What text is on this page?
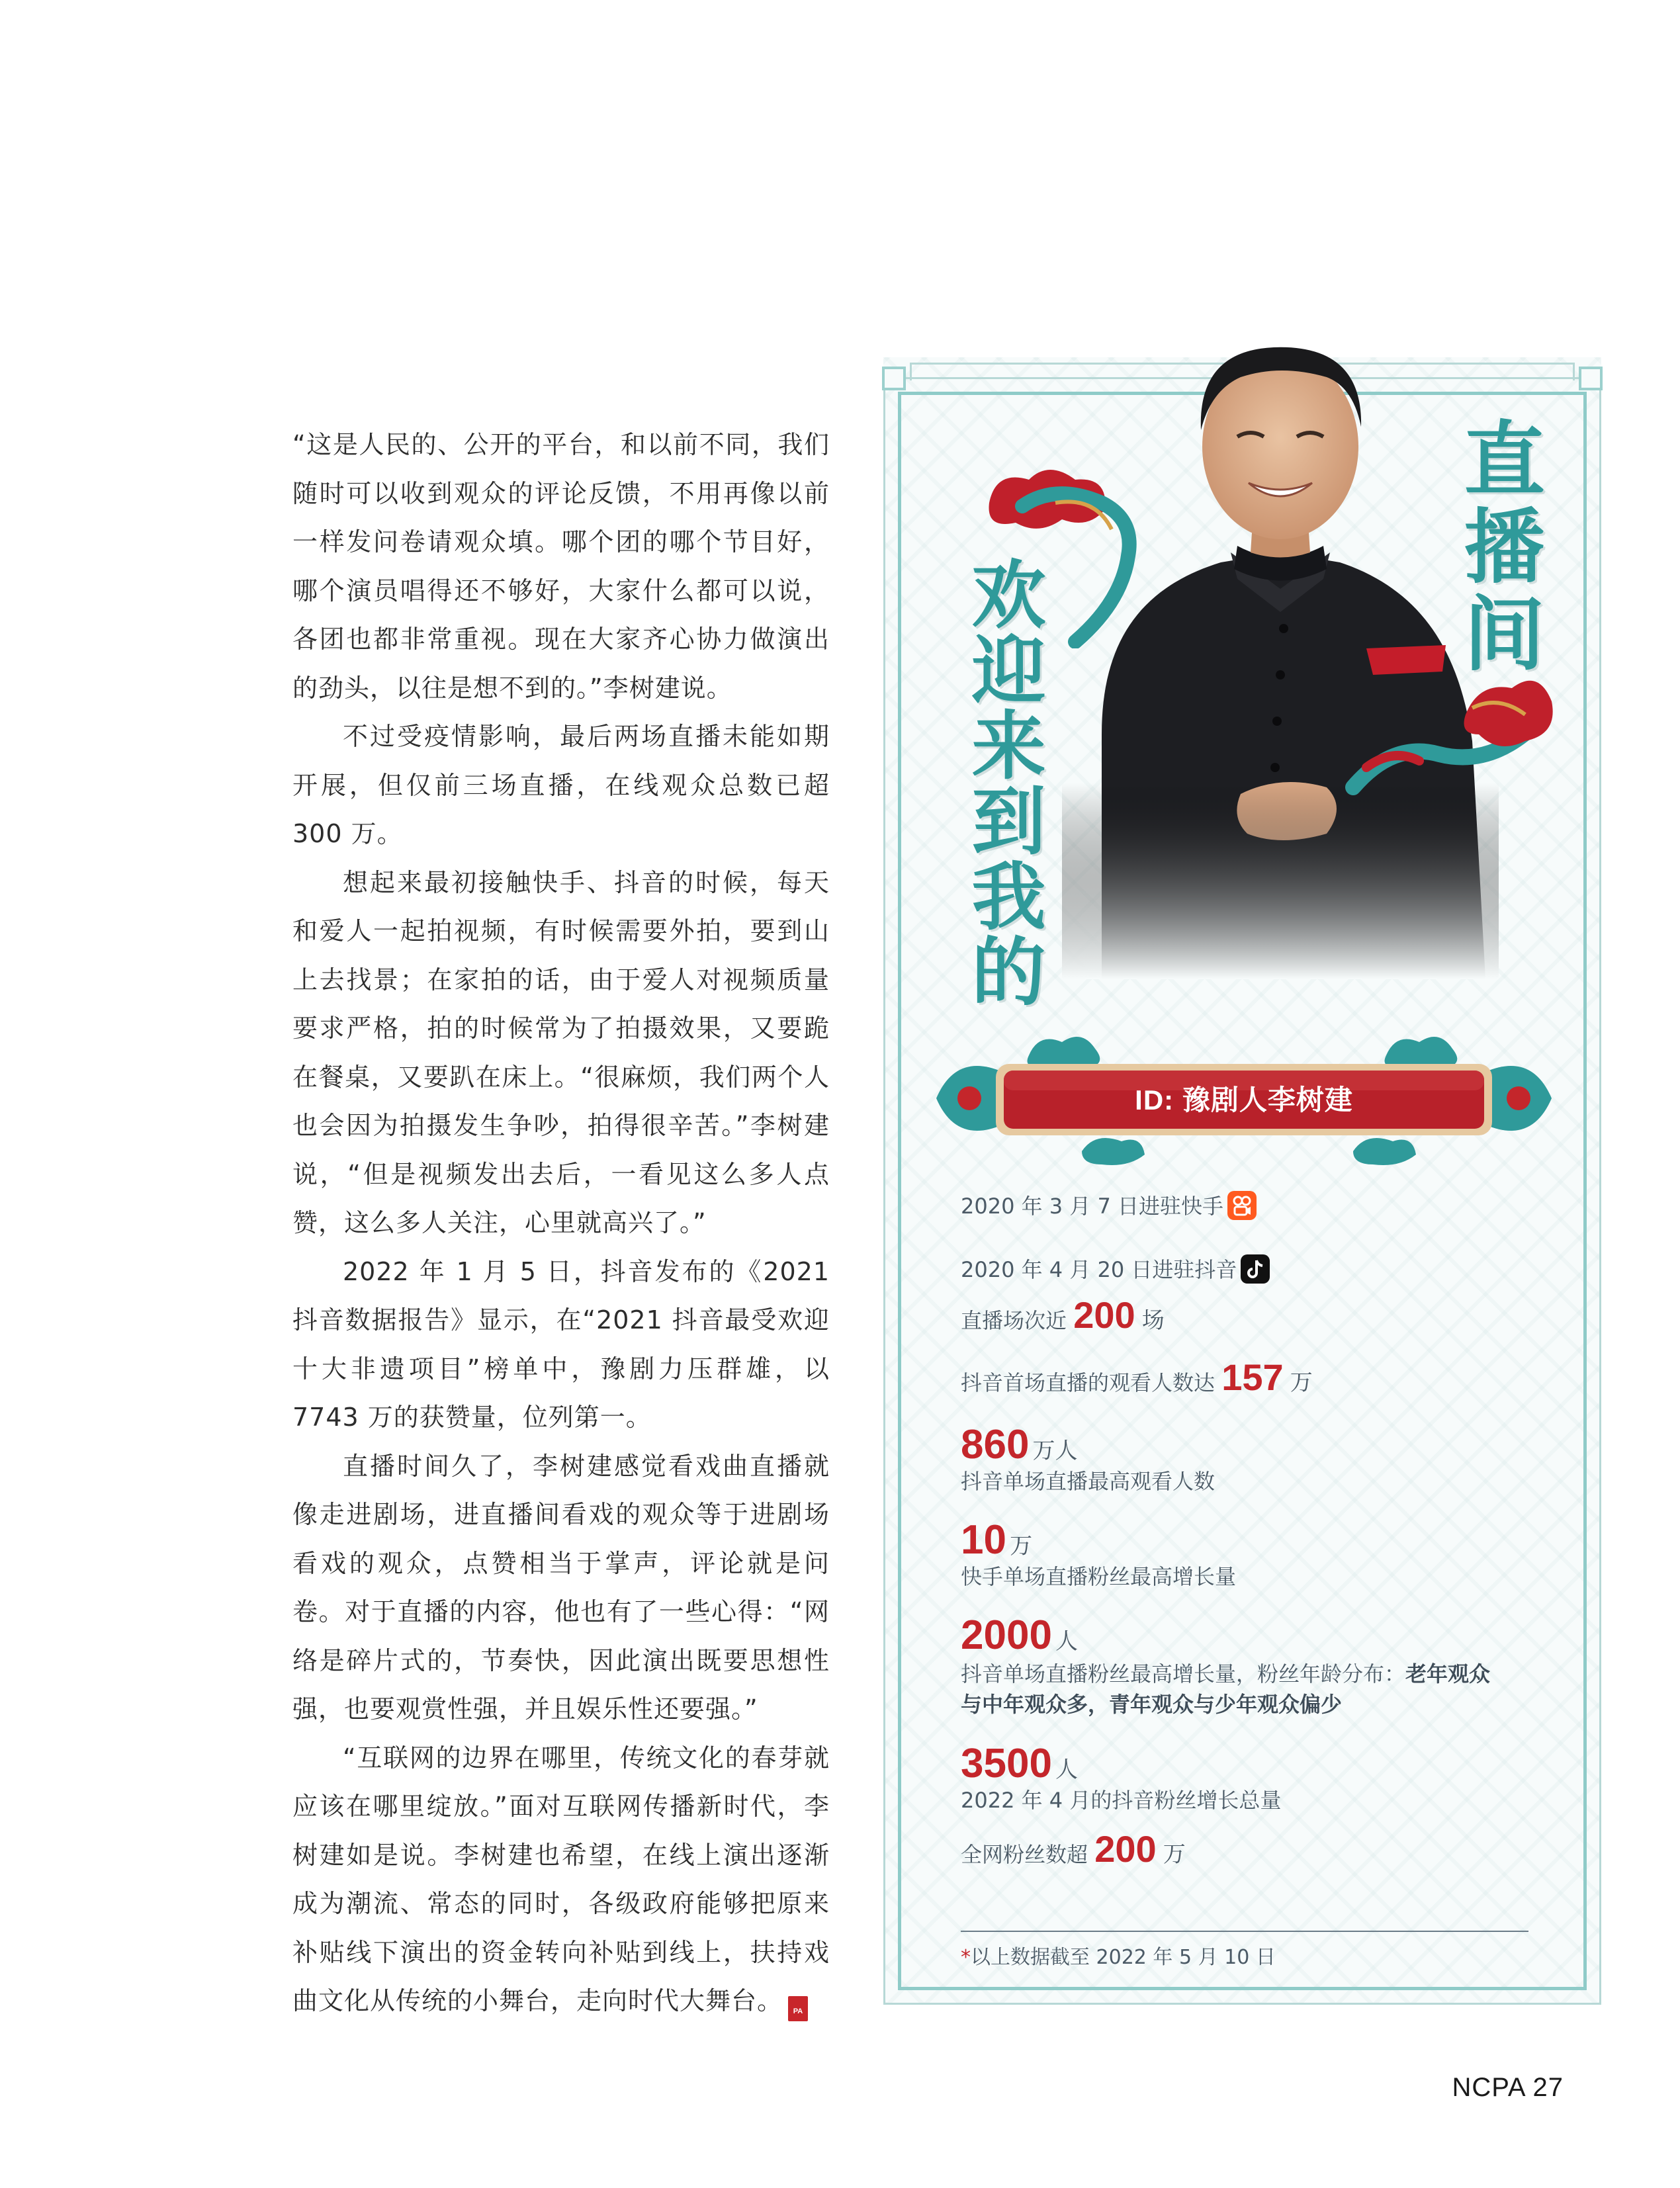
“这是人民的、公开的平台，和以前不同，我们随时可以收到观众的评论反馈，不用再像以前一样发问卷请观众填。哪个团的哪个节目好，哪个演员唱得还不够好，大家什么都可以说，各团也都非常重视。现在大家齐心协力做演出的劲头，以往是想不到的。”李树建说。

不过受疫情影响，最后两场直播未能如期开展，但仅前三场直播，在线观众总数已超300 万。

想起来最初接触快手、抖音的时候，每天和爱人一起拍视频，有时候需要外拍，要到山上去找景；在家拍的话，由于爱人对视频质量要求严格，拍的时候常为了拍摄效果，又要跪在餐桌，又要趴在床上。“很麻烦，我们两个人也会因为拍摄发生争吵，拍得很辛苦。”李树建说，“但是视频发出去后，一看见这么多人点赞，这么多人关注，心里就高兴了。”

2022 年 1 月 5 日，抖音发布的《2021 抖音数据报告》显示，在“2021 抖音最受欢迎十大非遗项目”榜单中，豫剧力压群雄，以 7743 万的获赞量，位列第一。

直播时间久了，李树建感觉看戏曲直播就像走进剧场，进直播间看戏的观众等于进剧场看戏的观众，点赞相当于掌声，评论就是问卷。对于直播的内容，他也有了一些心得：“网络是碎片式的，节奏快，因此演出既要思想性强，也要观赏性强，并且娱乐性还要强。”

“互联网的边界在哪里，传统文化的春芽就应该在哪里绽放。”面对互联网传播新时代，李树建如是说。李树建也希望，在线上演出逐渐成为潮流、常态的同时，各级政府能够把原来补贴线下演出的资金转向补贴到线上，扶持戏曲文化从传统的小舞台，走向时代大舞台。	NC PA

欢迎来到我的
直播间
ID: 豫剧人李树建
2020 年 3 月 7 日进驻快手
2020 年 4 月 20 日进驻抖音
直播场次近 200 场
抖音首场直播的观看人数达 157 万
860 万人
抖音单场直播最高观看人数
10 万
快手单场直播粉丝最高增长量
2000 人
抖音单场直播粉丝最高增长量，粉丝年龄分布：老年观众与中年观众多，青年观众与少年观众偏少
3500 人
2022 年 4 月的抖音粉丝增长总量
全网粉丝数超 200 万
*以上数据截至 2022 年 5 月 10 日
NCPA 27
